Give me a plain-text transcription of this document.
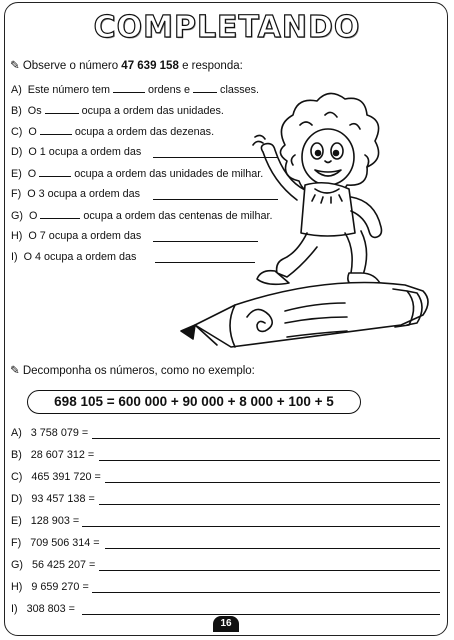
COMPLETANDO
✎ Observe o número 47 639 158 e responda:
A) Este número tem	ordens e	classes.
B) Os	ocupa a ordem das unidades.
C) O	ocupa a ordem das dezenas.
D) O 1 ocupa a ordem das
E) O	ocupa a ordem das unidades de milhar.
F) O 3 ocupa a ordem das
G) O	ocupa a ordem das centenas de milhar.
H) O 7 ocupa a ordem das
I) O 4 ocupa a ordem das
✎ Decomponha os números, como no exemplo:
698 105 = 600 000 + 90 000 + 8 000 + 100 + 5
A) 3 758 079 =
B) 28 607 312 =
C) 465 391 720 =
D) 93 457 138 =
E) 128 903 =
F) 709 506 314 =
G) 56 425 207 =
H) 9 659 270 =
I) 308 803 =
16
